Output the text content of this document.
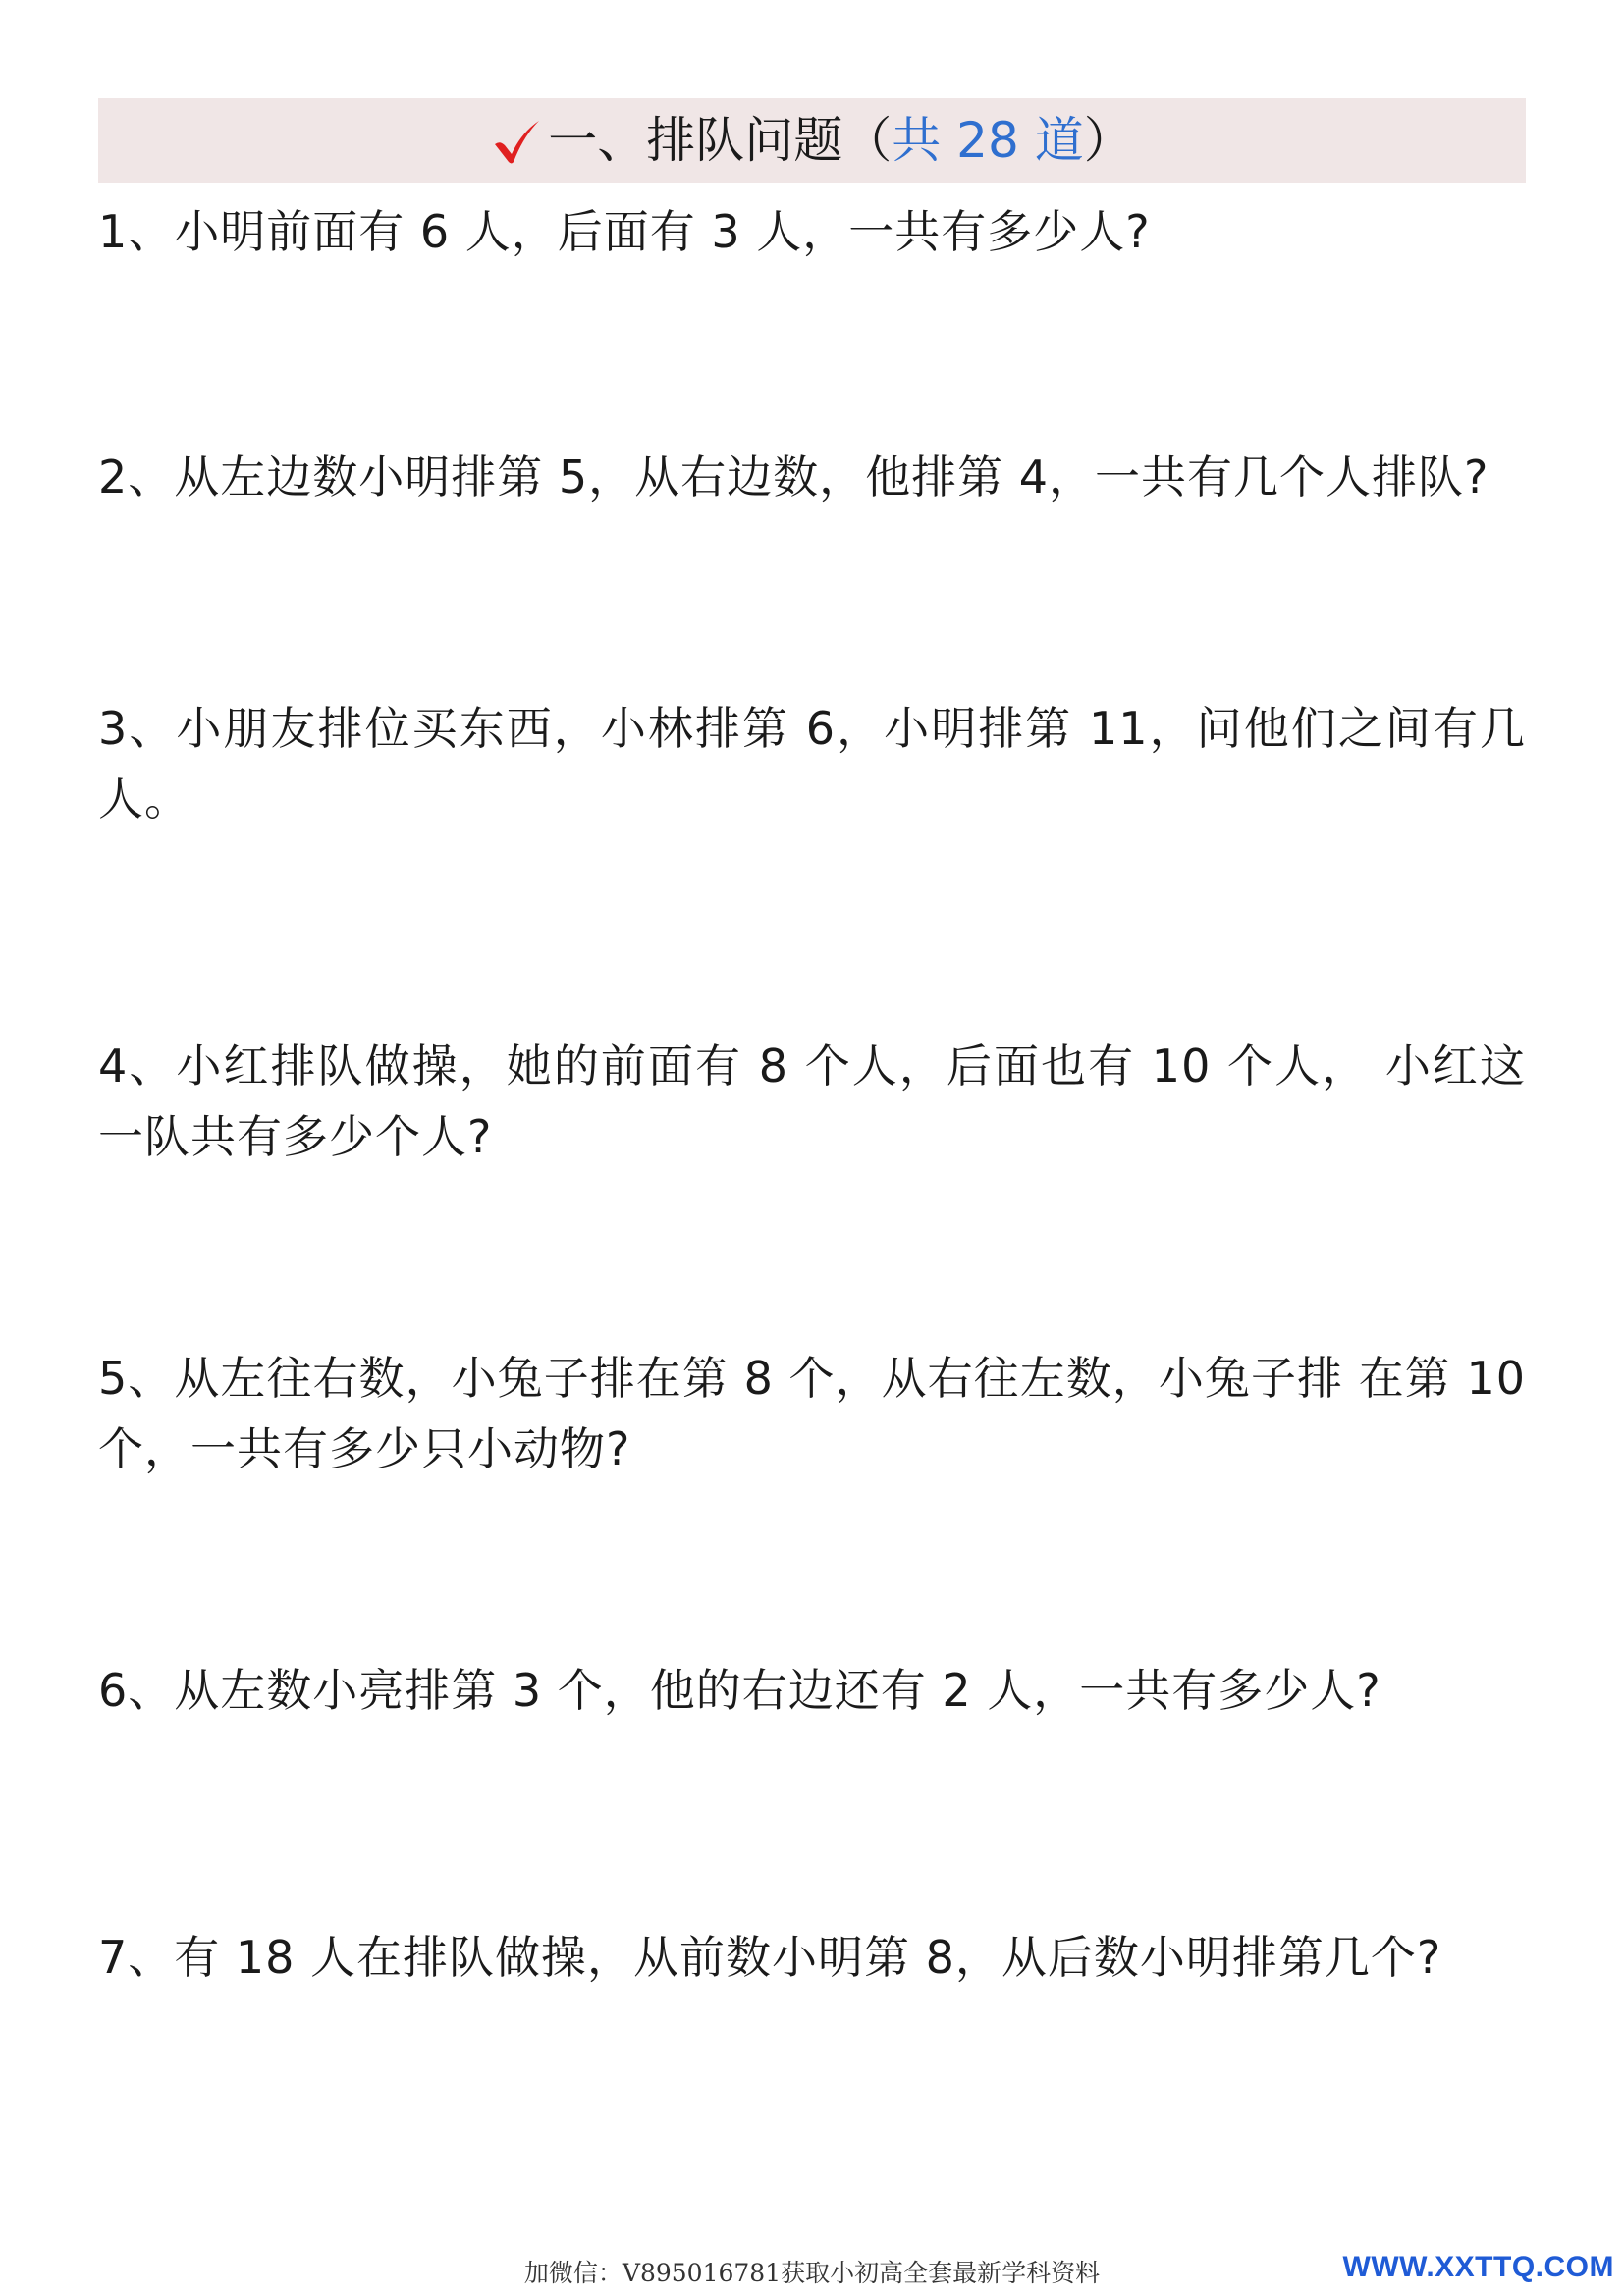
一、排队问题（ 共 28 道 ）
1、小明前面有 6 人，后面有 3 人，一共有多少人?
2、从左边数小明排第 5，从右边数，他排第 4，一共有几个人排队?
3、小朋友排位买东西，小林排第 6，小明排第 11，问他们之间有几人。
4、小红排队做操，她的前面有 8 个人，后面也有 10 个人， 小红这一队共有多少个人?
5、从左往右数，小兔子排在第 8 个，从右往左数，小兔子排 在第 10 个，一共有多少只小动物?
6、从左数小亮排第 3 个，他的右边还有 2 人，一共有多少人?
7、有 18 人在排队做操，从前数小明第 8，从后数小明排第几个?
加微信：V895016781获取小初高全套最新学科资料	WWW.XXTTQ.COM
